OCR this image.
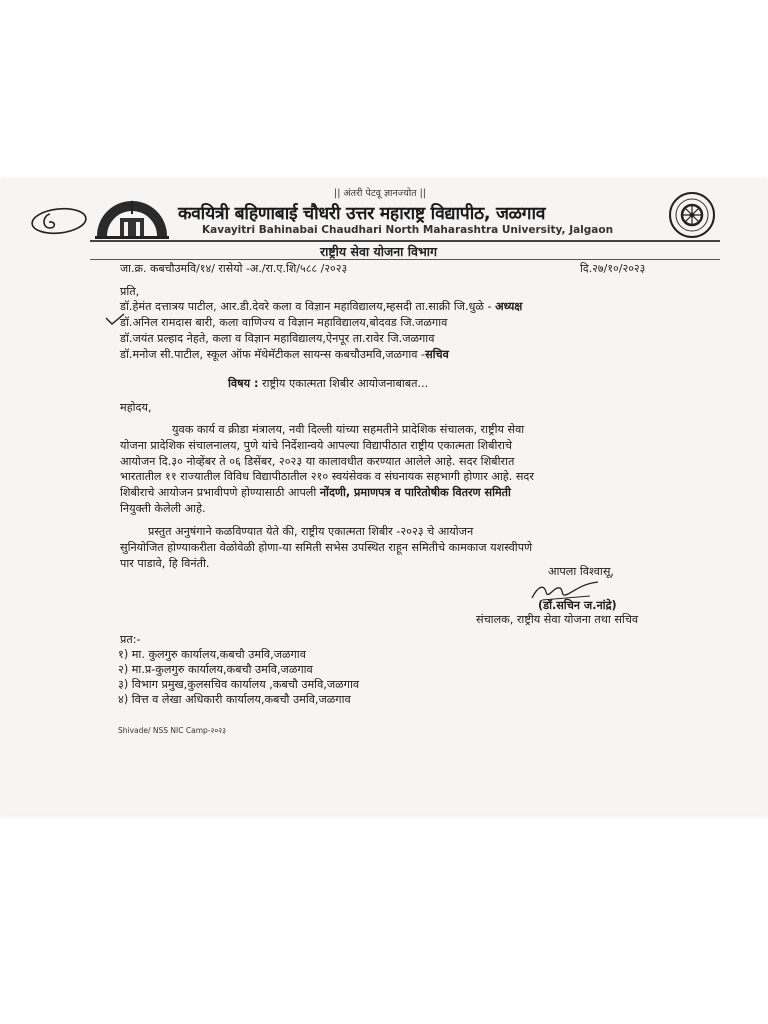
|| अंतरी पेटवू ज्ञानज्योत ||
कवयित्री बहिणाबाई चौधरी उत्तर महाराष्ट्र विद्यापीठ, जळगाव
Kavayitri Bahinabai Chaudhari North Maharashtra University, Jalgaon
राष्ट्रीय सेवा योजना विभाग
जा.क्र. कबचौउमवि/१४/ रासेयो -अ./रा.ए.शि/५८८ /२०२३	दि.२७/१०/२०२३
प्रति,
डॉ.हेमंत दत्तात्रय पाटील, आर.डी.देवरे कला व विज्ञान महाविद्यालय,म्हसदी ता.साक्री जि.धुळे - अध्यक्ष
डॉ.अनिल रामदास बारी, कला वाणिज्य व विज्ञान महाविद्यालय,बोदवड जि.जळगाव
डॉ.जयंत प्रल्हाद नेहते, कला व विज्ञान महाविद्यालय,ऐनपूर ता.रावेर जि.जळगाव
डॉ.मनोज सी.पाटील, स्कूल ऑफ मॅथेमॅटीकल सायन्स कबचौउमवि,जळगाव -सचिव
विषय : राष्ट्रीय एकात्मता शिबीर आयोजनाबाबत...
महोदय,
युवक कार्य व क्रीडा मंत्रालय, नवी दिल्ली यांच्या सहमतीने प्रादेशिक संचालक, राष्ट्रीय सेवा
योजना प्रादेशिक संचालनालय, पुणे यांचे निर्देशान्वये आपल्या विद्यापीठात राष्ट्रीय एकात्मता शिबीराचे
आयोजन दि.३० नोव्हेंबर ते ०६ डिसेंबर, २०२३ या कालावधीत करण्यात आलेले आहे. सदर शिबीरात
भारतातील ११ राज्यातील विविध विद्यापीठातील २१० स्वयंसेवक व संघनायक सहभागी होणार आहे. सदर
शिबीराचे आयोजन प्रभावीपणे होण्यासाठी आपली नोंदणी, प्रमाणपत्र व पारितोषीक वितरण समिती
नियुक्ती केलेली आहे.
प्रस्तुत अनुषंगाने कळविण्यात येते की, राष्ट्रीय एकात्मता शिबीर -२०२३ चे आयोजन
सुनियोजित होण्याकरीता वेळोवेळी होणा-या समिती सभेस उपस्थित राहून समितीचे कामकाज यशस्वीपणे
पार पाडावे, हि विनंती.
आपला विश्वासू,
(डॉ.सचिन ज.नांद्रे)
संचालक, राष्ट्रीय सेवा योजना तथा सचिव
प्रत:-
१) मा. कुलगुरु कार्यालय,कबचौ उमवि,जळगाव
२) मा.प्र-कुलगुरु कार्यालय,कबचौ उमवि,जळगाव
३) विभाग प्रमुख,कुलसचिव कार्यालय ,कबचौ उमवि,जळगाव
४) वित्त व लेखा अधिकारी कार्यालय,कबचौ उमवि,जळगाव
Shivade/ NSS NIC Camp-२०२३
